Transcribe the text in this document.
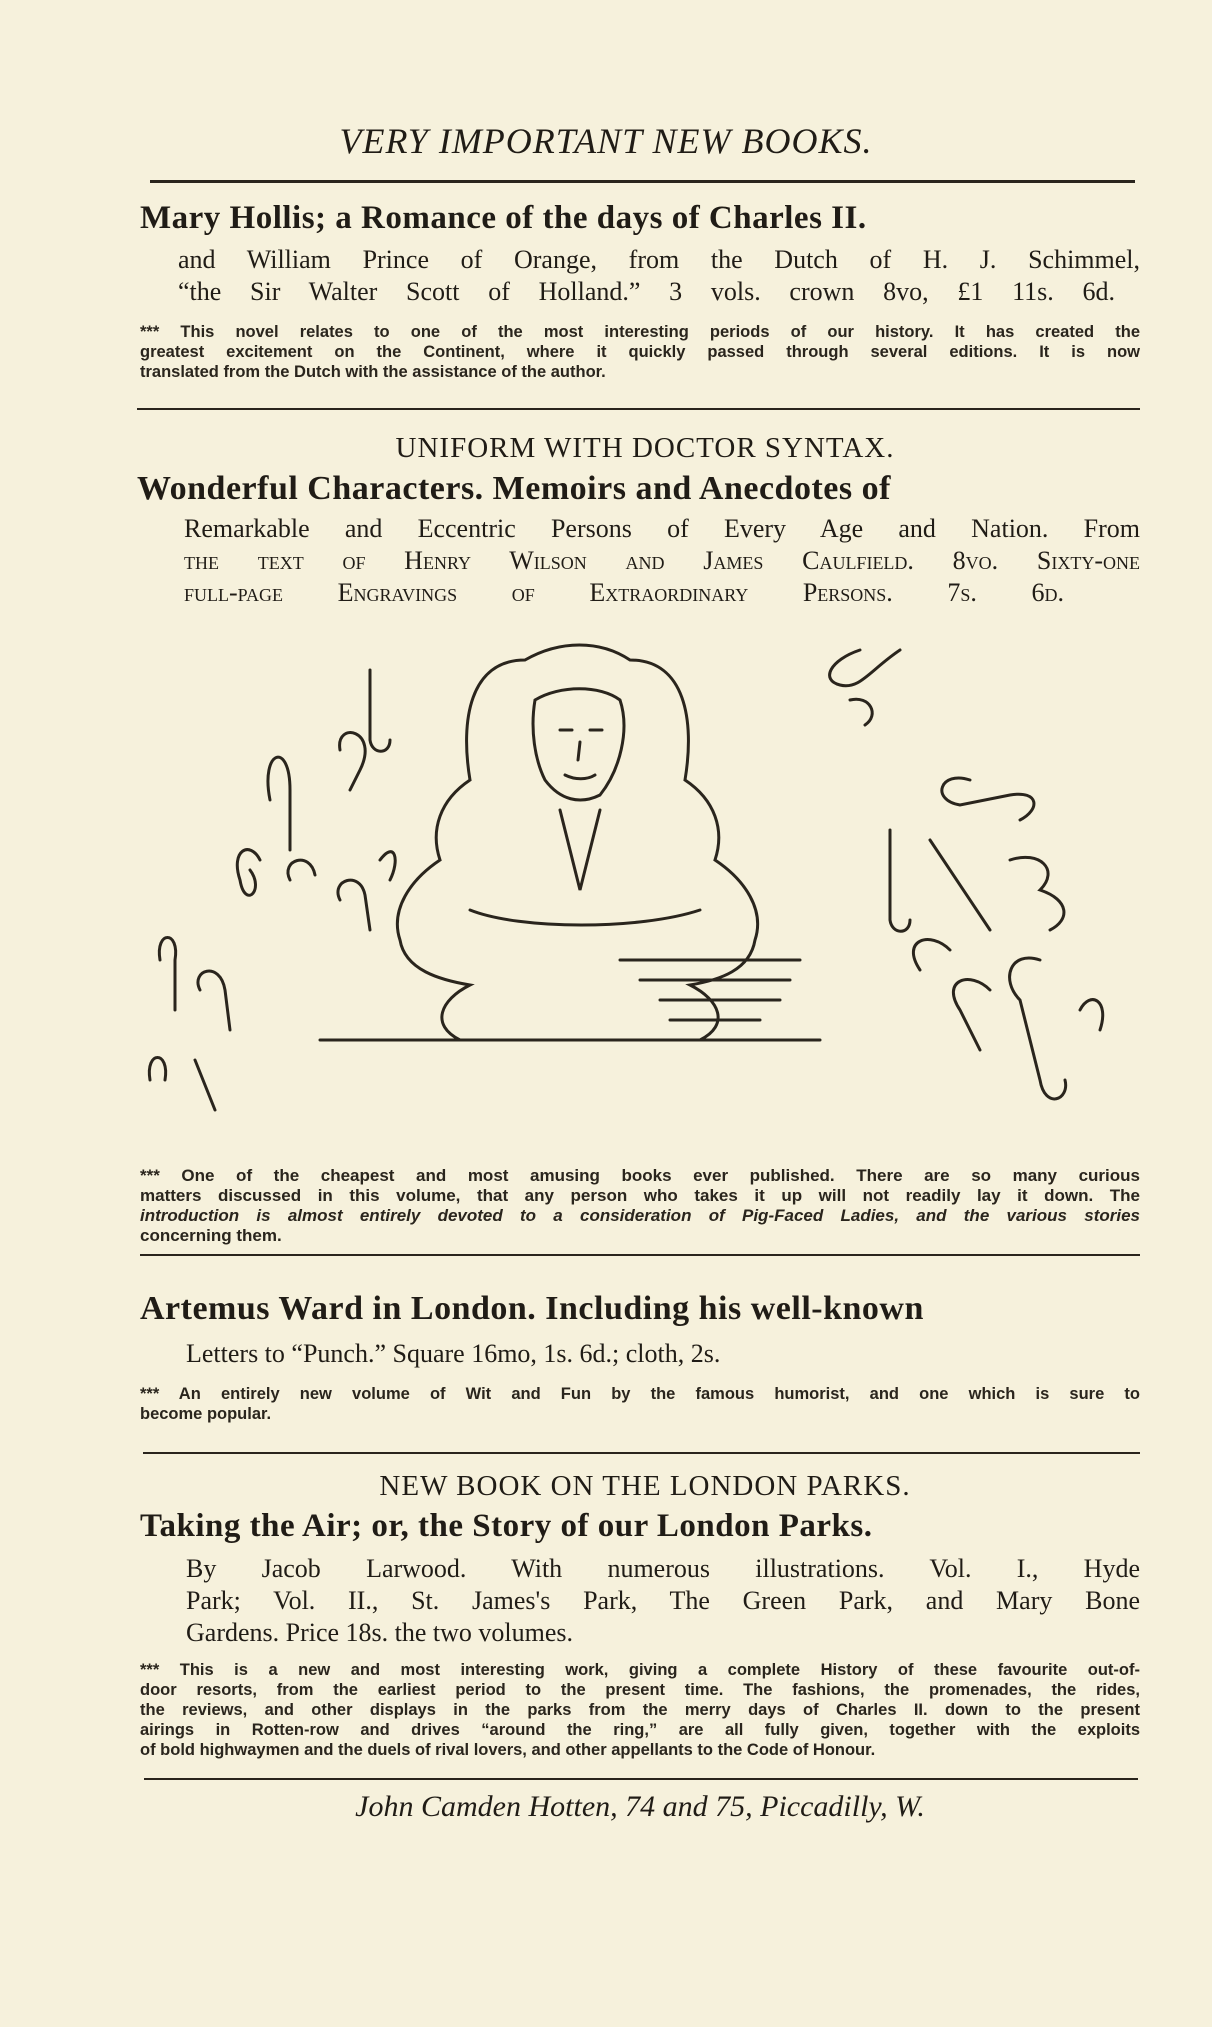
VERY IMPORTANT NEW BOOKS.
Mary Hollis; a Romance of the days of Charles II.
and William Prince of Orange, from the Dutch of H. J. Schimmel,
“the Sir Walter Scott of Holland.” 3 vols. crown 8vo, £1 11s. 6d.
*** This novel relates to one of the most interesting periods of our history. It has created the
greatest excitement on the Continent, where it quickly passed through several editions. It is now
translated from the Dutch with the assistance of the author.
UNIFORM WITH DOCTOR SYNTAX.
Wonderful Characters. Memoirs and Anecdotes of
Remarkable and Eccentric Persons of Every Age and Nation. From
the text of Henry Wilson and James Caulfield. 8vo. Sixty-one
full-page Engravings of Extraordinary Persons. 7s. 6d.
*** One of the cheapest and most amusing books ever published. There are so many curious
matters discussed in this volume, that any person who takes it up will not readily lay it down. The
introduction is almost entirely devoted to a consideration of Pig-Faced Ladies, and the various stories
concerning them.
Artemus Ward in London. Including his well-known
Letters to “Punch.” Square 16mo, 1s. 6d.; cloth, 2s.
*** An entirely new volume of Wit and Fun by the famous humorist, and one which is sure to
become popular.
NEW BOOK ON THE LONDON PARKS.
Taking the Air; or, the Story of our London Parks.
By Jacob Larwood. With numerous illustrations. Vol. I., Hyde
Park; Vol. II., St. James's Park, The Green Park, and Mary Bone
Gardens. Price 18s. the two volumes.
*** This is a new and most interesting work, giving a complete History of these favourite out-of-
door resorts, from the earliest period to the present time. The fashions, the promenades, the rides,
the reviews, and other displays in the parks from the merry days of Charles II. down to the present
airings in Rotten-row and drives “around the ring,” are all fully given, together with the exploits
of bold highwaymen and the duels of rival lovers, and other appellants to the Code of Honour.
John Camden Hotten, 74 and 75, Piccadilly, W.
